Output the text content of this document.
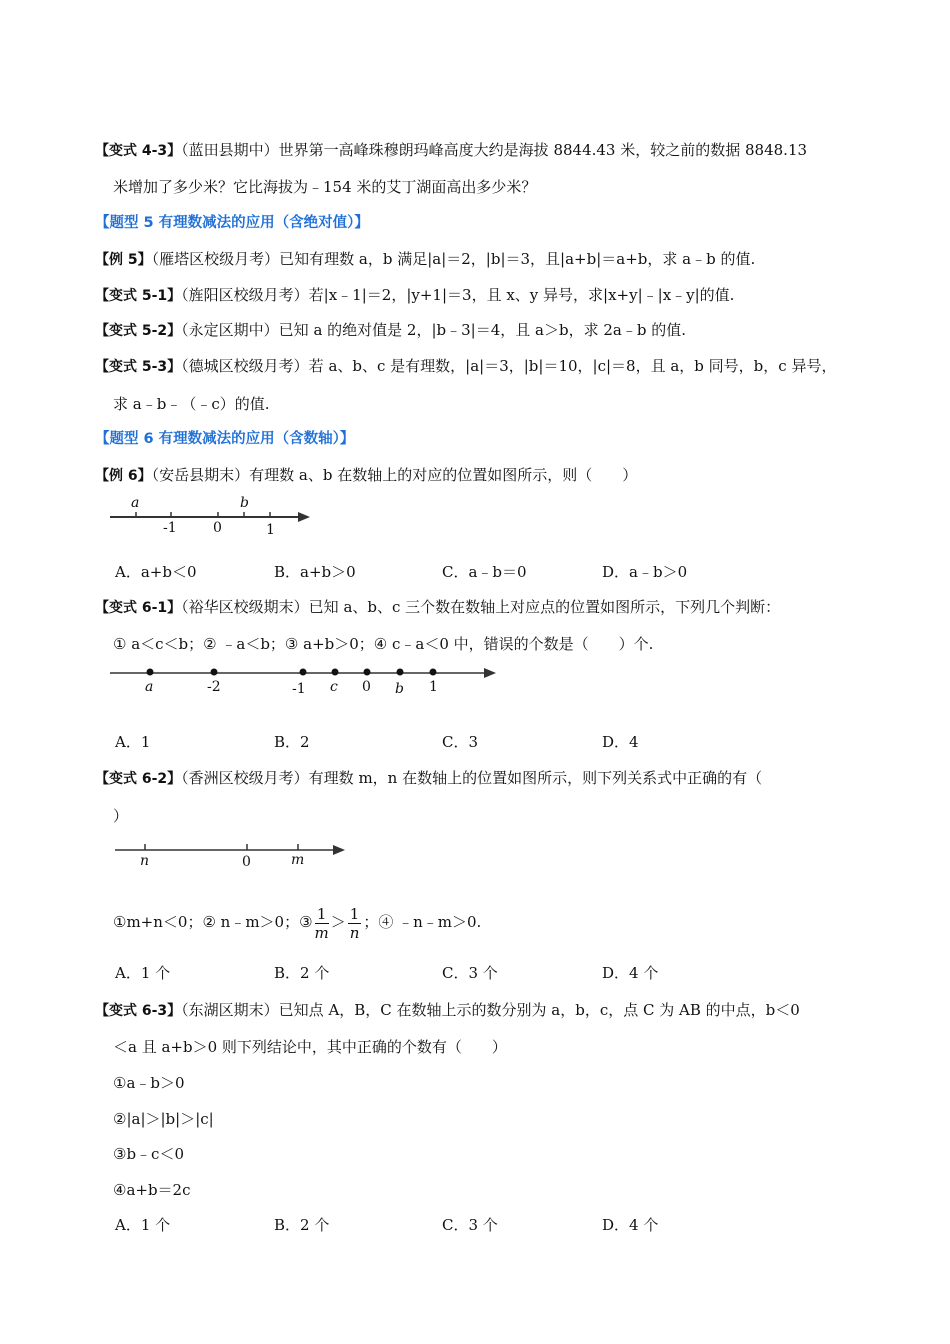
【变式 4-3】（蓝田县期中）世界第一高峰珠穆朗玛峰高度大约是海拔 8844.43 米，较之前的数据 8848.13
米增加了多少米？它比海拔为﹣154 米的艾丁湖面高出多少米？
【题型 5 有理数减法的应用（含绝对值）】
【例 5】（雁塔区校级月考）已知有理数 a，b 满足|a|＝2，|b|＝3，且|a+b|＝a+b，求 a﹣b 的值.
【变式 5-1】（旌阳区校级月考）若|x﹣1|＝2，|y+1|＝3，且 x、y 异号，求|x+y|﹣|x﹣y|的值.
【变式 5-2】（永定区期中）已知 a 的绝对值是 2，|b﹣3|＝4，且 a＞b，求 2a﹣b 的值.
【变式 5-3】（德城区校级月考）若 a、b、c 是有理数，|a|＝3，|b|＝10，|c|＝8，且 a，b 同号，b，c 异号，
求 a﹣b﹣（﹣c）的值.
【题型 6 有理数减法的应用（含数轴）】
【例 6】（安岳县期末）有理数 a、b 在数轴上的对应的位置如图所示，则（　　）
a
-1	0
b
1
A．a+b＜0	B．a+b＞0	C．a﹣b＝0	D．a﹣b＞0
【变式 6-1】（裕华区校级期末）已知 a、b、c 三个数在数轴上对应点的位置如图所示，下列几个判断：
① a＜c＜b；② ﹣a＜b；③ a+b＞0；④ c﹣a＜0 中，错误的个数是（　　）个.
a	-2	-1 c 0 b 1
A．1	B．2	C．3	D．4
【变式 6-2】（香洲区校级月考）有理数 m，n 在数轴上的位置如图所示，则下列关系式中正确的有（
）
n	0	m
①m+n＜0；② n﹣m＞0；③ $\frac{1}{m} > \frac{1}{n}$ ；④ ﹣n﹣m＞0.
A．1 个	B．2 个	C．3 个	D．4 个
【变式 6-3】（东湖区期末）已知点 A，B，C 在数轴上示的数分别为 a，b，c，点 C 为 AB 的中点，b＜0
＜a 且 a+b＞0 则下列结论中，其中正确的个数有（　　）
①a﹣b＞0
②|a|＞|b|＞|c|
③b﹣c＜0
④a+b＝2c
A．1 个	B．2 个	C．3 个	D．4 个
